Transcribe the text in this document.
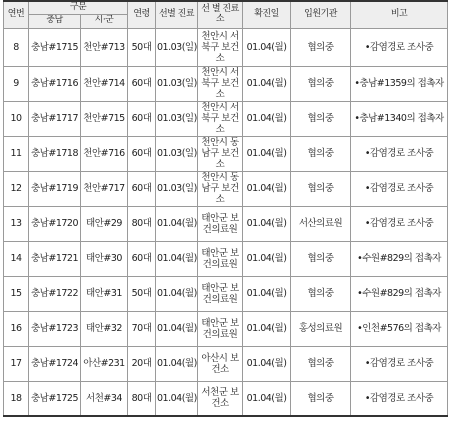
연번	구분		연령	선별 진료	선 별 진료소	확진일	입원기관	비고
	충남	시·군						
8	충남#1715	천안#713	50대	01.03(일)	천안시 서북구 보건소	01.04(월)	협의중	•감염경로 조사중
9	충남#1716	천안#714	60대	01.03(일)	천안시 서북구 보건소	01.04(월)	협의중	•충남#1359의 접촉자
10	충남#1717	천안#715	60대	01.03(일)	천안시 서북구 보건소	01.04(월)	협의중	•충남#1340의 접촉자
11	충남#1718	천안#716	60대	01.03(일)	천안시 동남구 보건소	01.04(월)	협의중	•감염경로 조사중
12	충남#1719	천안#717	60대	01.03(일)	천안시 동남구 보건소	01.04(월)	협의중	•감염경로 조사중
13	충남#1720	태안#29	80대	01.04(월)	태안군 보건의료원	01.04(월)	서산의료원	•감염경로 조사중
14	충남#1721	태안#30	60대	01.04(월)	태안군 보건의료원	01.04(월)	협의중	•수원#829의 접촉자
15	충남#1722	태안#31	50대	01.04(월)	태안군 보건의료원	01.04(월)	협의중	•수원#829의 접촉자
16	충남#1723	태안#32	70대	01.04(월)	태안군 보건의료원	01.04(월)	홍성의료원	•인천#576의 접촉자
17	충남#1724	아산#231	20대	01.04(월)	아산시 보건소	01.04(월)	협의중	•감염경로 조사중
18	충남#1725	서천#34	80대	01.04(월)	서천군 보건소	01.04(월)	협의중	•감염경로 조사중
